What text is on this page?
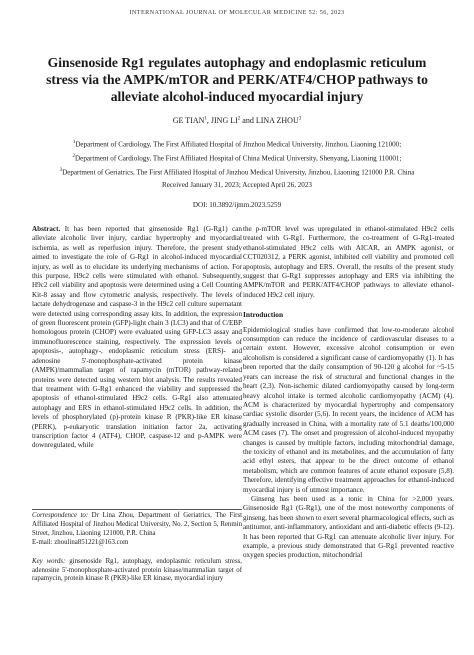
INTERNATIONAL JOURNAL OF MOLECULAR MEDICINE 52: 56, 2023
Ginsenoside Rg1 regulates autophagy and endoplasmic reticulum stress via the AMPK/mTOR and PERK/ATF4/CHOP pathways to alleviate alcohol-induced myocardial injury
GE TIAN$^1$, JING $LI^2$ and LINA ZHOU$^3$
$^1$Department of Cardiology, The First Affiliated Hospital of Jinzhou Medical University, Jinzhou, Liaoning 121000;
$^2$Department of Cardiology, The First Affiliated Hospital of China Medical University, Shenyang, Liaoning 110001;
$^3$Department of Geriatrics, The First Affiliated Hospital of Jinzhou Medical University, Jinzhou, Liaoning 121000 P.R. China
Received January 31, 2023; Accepted April 26, 2023
DOI: 10.3892/ijmm.2023.5259

Abstract. It has been reported that ginsenoside Rg1 (G-Rg1) can alleviate alcoholic liver injury, cardiac hypertrophy and myocardial ischemia, as well as reperfusion injury. Therefore, the present study aimed to investigate the role of G-Rg1 in alcohol-induced myocardial injury, as well as to elucidate its underlying mechanisms of action. For this purpose, H9c2 cells were stimulated with ethanol. Subsequently, H9c2 cell viability and apoptosis were determined using a Cell Counting Kit-8 assay and flow cytometric analysis, respectively. The levels of lactate dehydrogenase and caspase-3 in the H9c2 cell culture supernatant were detected using corresponding assay kits. In addition, the expression of green fluorescent protein (GFP)-light chain 3 (LC3) and that of C/EBP homologous protein (CHOP) were evaluated using GFP-LC3 assay and immunofluorescence staining, respectively. The expression levels of apoptosis-, autophagy-, endoplasmic reticulum stress (ERS)- and adenosine 5'-monophosphate-activated protein kinase (AMPK)/mammalian target of rapamycin (mTOR) pathway-related proteins were detected using western blot analysis. The results revealed that treatment with G-Rg1 enhanced the viability and suppressed the apoptosis of ethanol-stimulated H9c2 cells. G-Rg1 also attenuated autophagy and ERS in ethanol-stimulated H9c2 cells. In addition, the levels of phosphorylated (p)-protein kinase R (PKR)-like ER kinase (PERK), p-eukaryotic translation initiation factor 2a, activating transcription factor 4 (ATF4), CHOP, caspase-12 and p-AMPK were downregulated, while

Correspondence to: Dr Lina Zhou, Department of Geriatrics, The First Affiliated Hospital of Jinzhou Medical University, No. 2, Section 5, Renmin Street, Jinzhou, Liaoning 121000, P.R. China

E-mail: zhoulina851221@163.com

Key words: ginsenoside Rg1, autophagy, endoplasmic reticulum stress, adenosine 5'-monophosphate-activated protein kinase/mammalian target of rapamycin, protein kinase R (PKR)-like ER kinase, myocardial injury

the p-mTOR level was upregulated in ethanol-stimulated H9c2 cells treated with G-Rg1. Furthermore, the co-treatment of G-Rg1-treated ethanol-stimulated H9c2 cells with AICAR, an AMPK agonist, or CCT020312, a PERK agonist, inhibited cell viability and promoted cell apoptosis, autophagy and ERS. Overall, the results of the present study suggest that G-Rg1 suppresses autophagy and ERS via inhibiting the AMPK/mTOR and PERK/ATF4/CHOP pathways to alleviate ethanol-induced H9c2 cell injury.

Introduction

Epidemiological studies have confirmed that low-to-moderate alcohol consumption can reduce the incidence of cardiovascular diseases to a certain extent. However, excessive alcohol consumption or even alcoholism is considered a significant cause of cardiomyopathy (1). It has been reported that the daily consumption of 90-120 g alcohol for ~5-15 years can increase the risk of structural and functional changes in the heart (2,3). Non-ischemic dilated cardiomyopathy caused by long-term heavy alcohol intake is termed alcoholic cardiomyopathy (ACM) (4). ACM is characterized by myocardial hypertrophy and compensatory cardiac systolic disorder (5,6). In recent years, the incidence of ACM has gradually increased in China, with a mortality rate of 5.1 deaths/100,000 ACM cases (7). The onset and progression of alcohol-induced myopathy changes is caused by multiple factors, including mitochondrial damage, the toxicity of ethanol and its metabolites, and the accumulation of fatty acid ethyl esters, that appear to be the direct outcome of ethanol metabolism, which are common features of acute ethanol exposure (5,8). Therefore, identifying effective treatment approaches for ethanol-induced myocardial injury is of utmost importance.

Ginseng has been used as a tonic in China for >2,000 years. Ginsenoside Rg1 (G-Rg1), one of the most noteworthy components of ginseng, has been shown to exert several pharmacological effects, such as antitumor, anti-inflammatory, antioxidant and anti-diabetic effects (9-12). It has been reported that G-Rg1 can attenuate alcoholic liver injury. For example, a previous study demonstrated that G-Rg1 prevented reactive oxygen species production, mitochondrial
